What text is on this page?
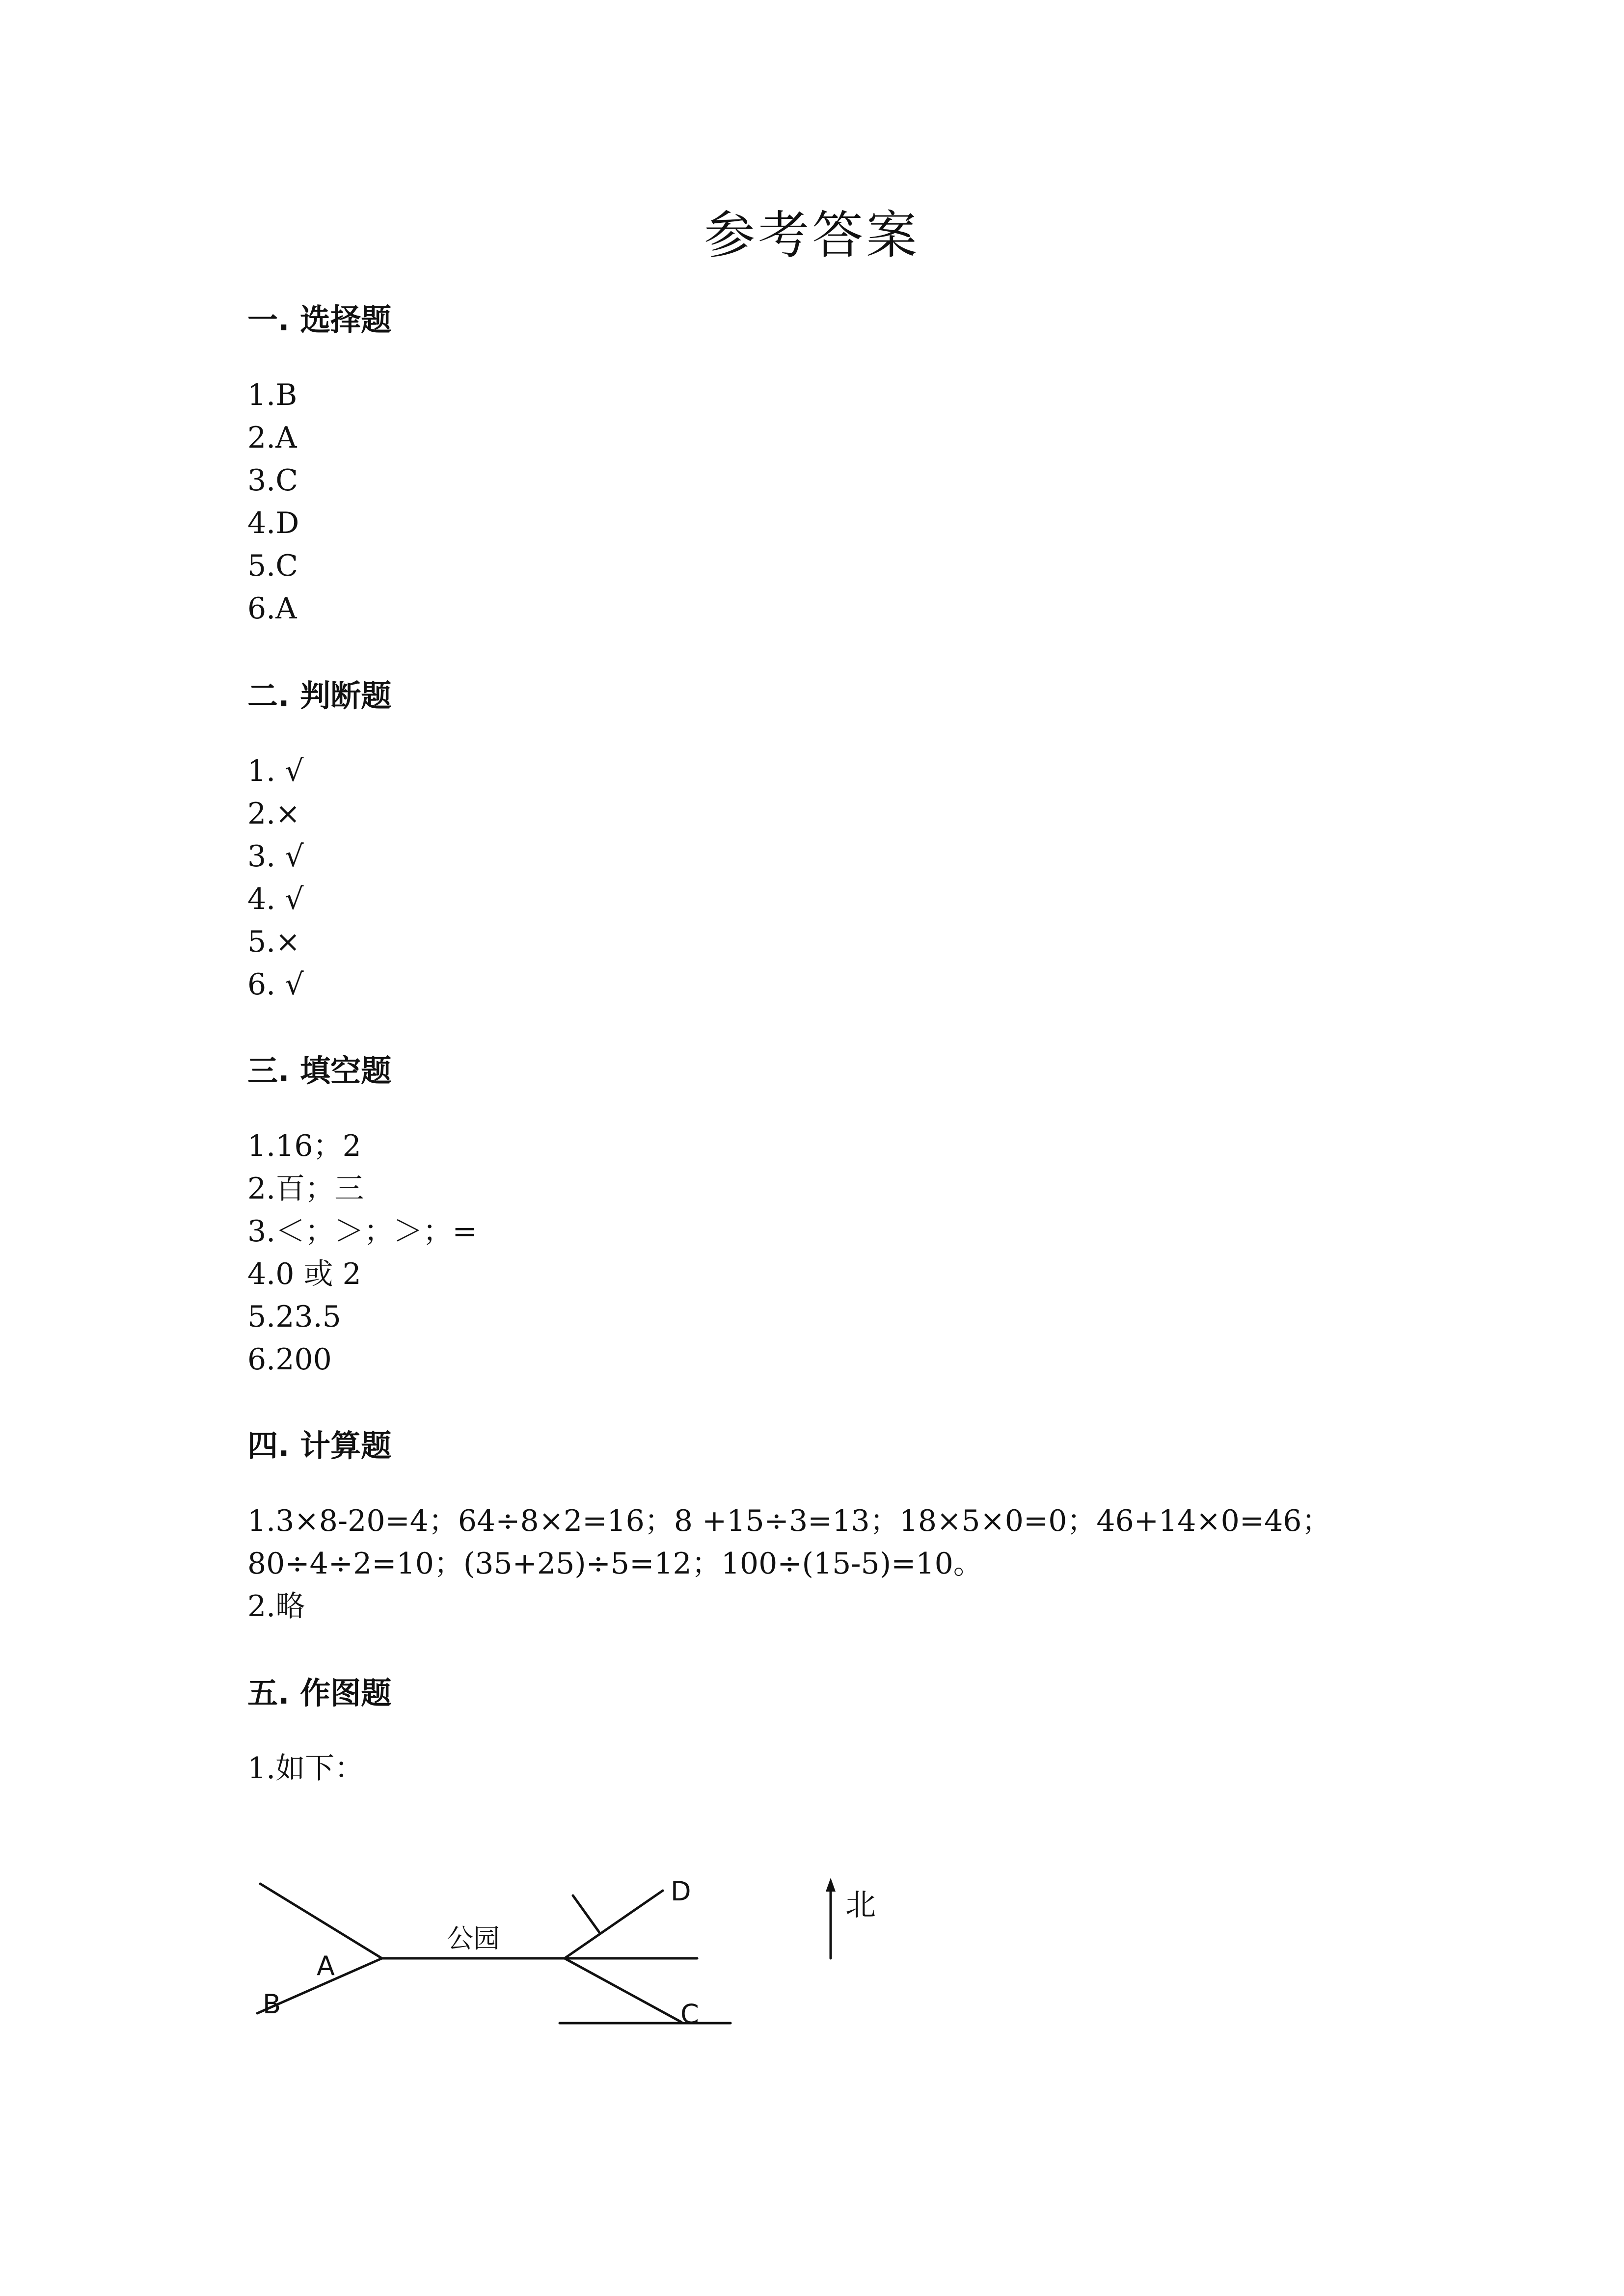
参考答案
一. 选择题
1.B
2.A
3.C
4.D
5.C
6.A
二. 判断题
1. √
2.×
3. √
4. √
5.×
6. √
三. 填空题
1.16；2
2.百；三
3.＜；＞；＞；=
4.0 或 2
5.23.5
6.200
四. 计算题
1.3×8-20=4；64÷8×2=16；8 +15÷3=13；18×5×0=0；46+14×0=46；
80÷4÷2=10；(35+25)÷5=12；100÷(15-5)=10。
2.略
五. 作图题
1.如下：
A
B	C
D
公园
北
